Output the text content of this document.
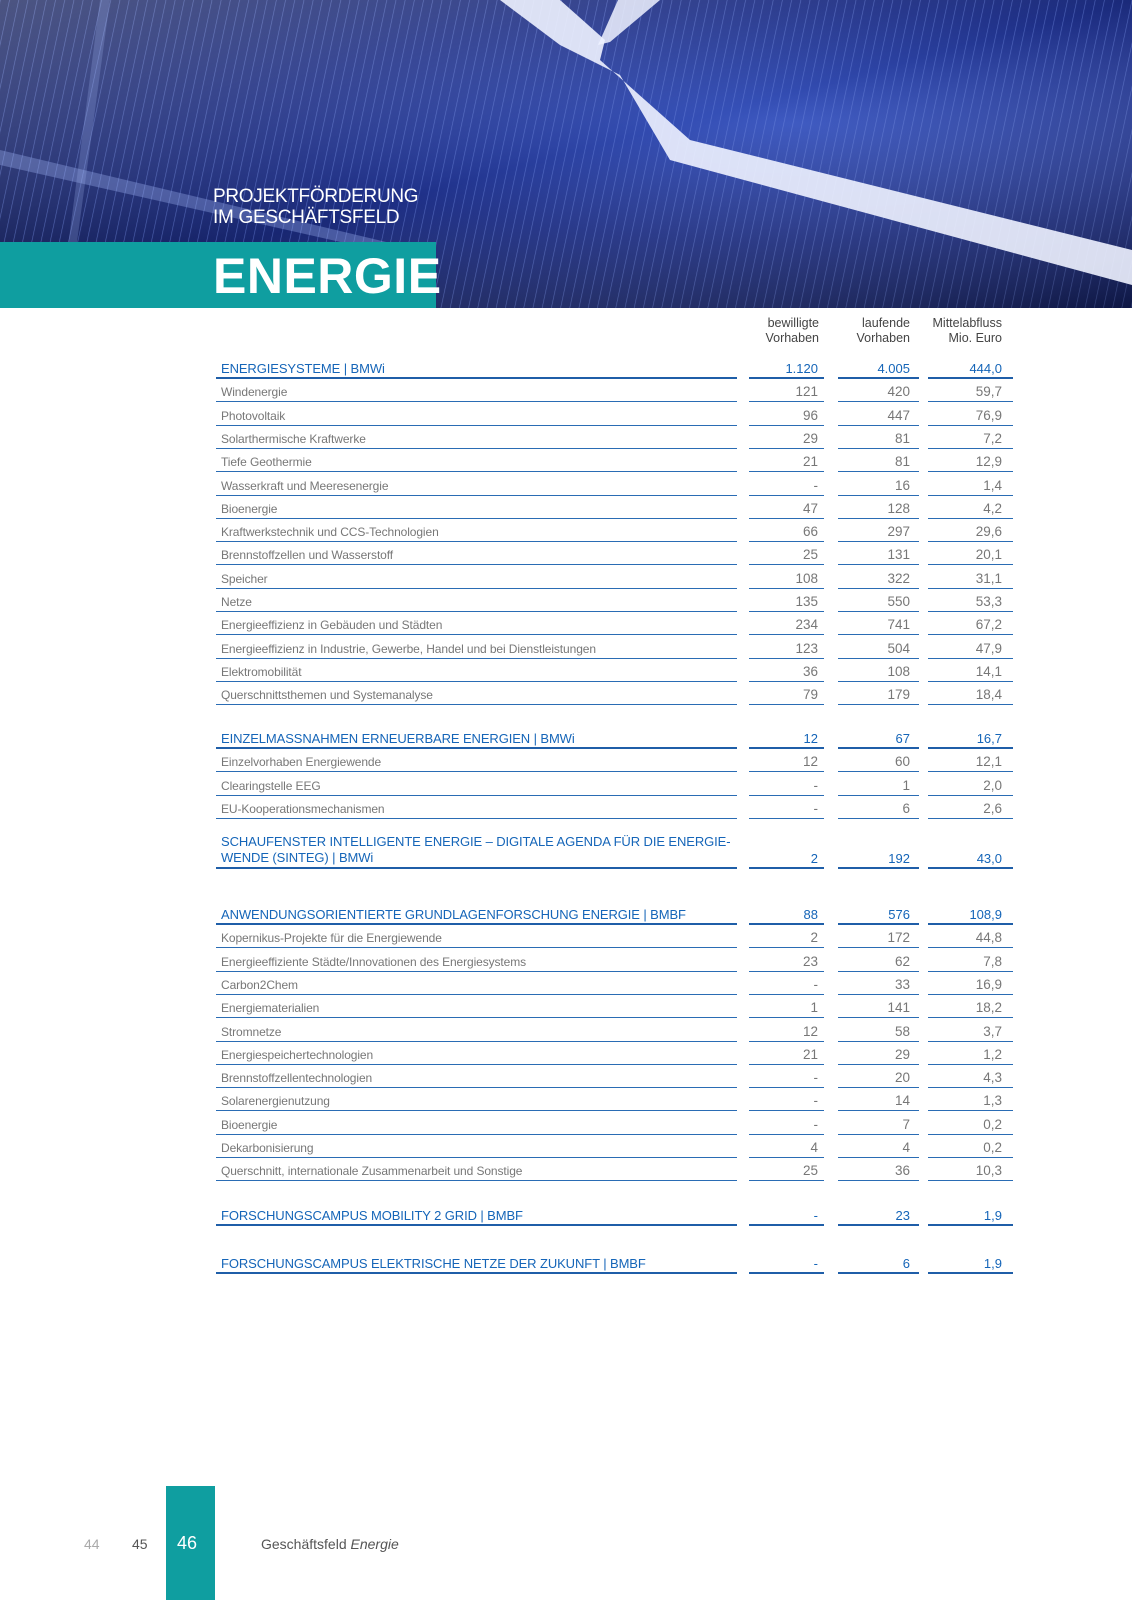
PROJEKTFÖRDERUNG
IM GESCHÄFTSFELD
ENERGIE
bewilligte
Vorhaben
laufende
Vorhaben
Mittelabfluss
Mio. Euro
ENERGIESYSTEME | BMWi	1.120	4.005	444,0
Windenergie	121	420	59,7
Photovoltaik	96	447	76,9
Solarthermische Kraftwerke	29	81	7,2
Tiefe Geothermie	21	81	12,9
Wasserkraft und Meeresenergie	-	16	1,4
Bioenergie	47	128	4,2
Kraftwerkstechnik und CCS-Technologien	66	297	29,6
Brennstoffzellen und Wasserstoff	25	131	20,1
Speicher	108	322	31,1
Netze	135	550	53,3
Energieeffizienz in Gebäuden und Städten	234	741	67,2
Energieeffizienz in Industrie, Gewerbe, Handel und bei Dienstleistungen	123	504	47,9
Elektromobilität	36	108	14,1
Querschnittsthemen und Systemanalyse	79	179	18,4
EINZELMASSNAHMEN ERNEUERBARE ENERGIEN | BMWi	12	67	16,7
Einzelvorhaben Energiewende	12	60	12,1
Clearingstelle EEG	-	1	2,0
EU-Kooperationsmechanismen	-	6	2,6
SCHAUFENSTER INTELLIGENTE ENERGIE – DIGITALE AGENDA FÜR DIE ENERGIE-WENDE (SINTEG) | BMWi	2	192	43,0
ANWENDUNGSORIENTIERTE GRUNDLAGENFORSCHUNG ENERGIE | BMBF	88	576	108,9
Kopernikus-Projekte für die Energiewende	2	172	44,8
Energieeffiziente Städte/Innovationen des Energiesystems	23	62	7,8
Carbon2Chem	-	33	16,9
Energiematerialien	1	141	18,2
Stromnetze	12	58	3,7
Energiespeichertechnologien	21	29	1,2
Brennstoffzellentechnologien	-	20	4,3
Solarenergienutzung	-	14	1,3
Bioenergie	-	7	0,2
Dekarbonisierung	4	4	0,2
Querschnitt, internationale Zusammenarbeit und Sonstige	25	36	10,3
FORSCHUNGSCAMPUS MOBILITY 2 GRID | BMBF	-	23	1,9
FORSCHUNGSCAMPUS ELEKTRISCHE NETZE DER ZUKUNFT | BMBF	-	6	1,9
44 45 46	Geschäftsfeld Energie
